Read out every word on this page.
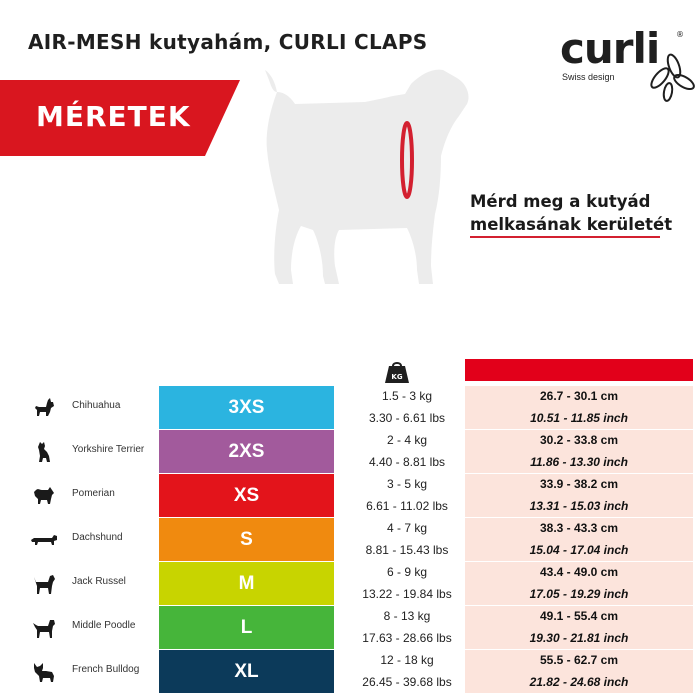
AIR-MESH kutyahám, CURLI CLAPS	curli ®
Swiss design
MÉRETEK
Mérd meg a kutyád
melkasának kerületét
KG
Chihuahua	3XS
1.5 - 3 kg
3.30 - 6.61 lbs
26.7 - 30.1 cm
10.51 - 11.85 inch
Yorkshire Terrier	2XS
2 - 4 kg
4.40 - 8.81 lbs
30.2 - 33.8 cm
11.86 - 13.30 inch
Pomerian	XS
3 - 5 kg
6.61 - 11.02 lbs
33.9 - 38.2 cm
13.31 - 15.03 inch
Dachshund	S
4 - 7 kg
8.81 - 15.43 lbs
38.3 - 43.3 cm
15.04 - 17.04 inch
Jack Russel	M
6 - 9 kg
13.22 - 19.84 lbs
43.4 - 49.0 cm
17.05 - 19.29 inch
Middle Poodle	L
8 - 13 kg
17.63 - 28.66 lbs
49.1 - 55.4 cm
19.30 - 21.81 inch
French Bulldog	XL
12 - 18 kg
26.45 - 39.68 lbs
55.5 - 62.7 cm
21.82 - 24.68 inch
